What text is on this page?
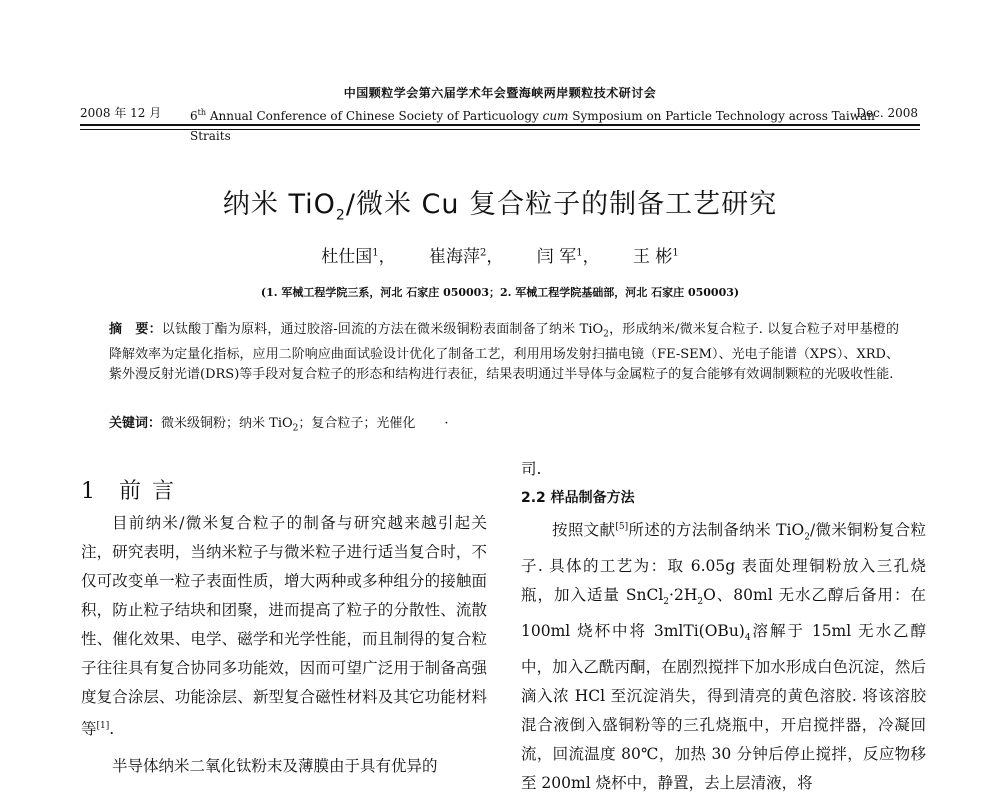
中国颗粒学会第六届学术年会暨海峡两岸颗粒技术研讨会
2008 年 12 月 6th Annual Conference of Chinese Society of Particuology cum Symposium on Particle Technology across Taiwan Straits
Dec. 2008
纳米 TiO$_2$/微米 Cu 复合粒子的制备工艺研究
杜仕国$^1$， 崔海萍$^2$， 闫 军$^1$， 王 彬$^1$
(1. 军械工程学院三系，河北 石家庄 050003；2. 军械工程学院基础部，河北 石家庄 050003)
摘　要：以钛酸丁酯为原料，通过胶溶-回流的方法在微米级铜粉表面制备了纳米 TiO$_2$，形成纳米/微米复合粒子. 以复合粒子对甲基橙的降解效率为定量化指标，应用二阶响应曲面试验设计优化了制备工艺，利用用场发射扫描电镜（FE-SEM）、光电子能谱（XPS）、XRD、紫外漫反射光谱(DRS)等手段对复合粒子的形态和结构进行表征，结果表明通过半导体与金属粒子的复合能够有效调制颗粒的光吸收性能.
关键词：微米级铜粉；纳米 TiO$_2$；复合粒子；光催化 ·
1 前 言

目前纳米/微米复合粒子的制备与研究越来越引起关注，研究表明，当纳米粒子与微米粒子进行适当复合时，不仅可改变单一粒子表面性质，增大两种或多种组分的接触面积，防止粒子结块和团聚，进而提高了粒子的分散性、流散性、催化效果、电学、磁学和光学性能，而且制得的复合粒子往往具有复合协同多功能效，因而可望广泛用于制备高强度复合涂层、功能涂层、新型复合磁性材料及其它功能材料等[1].

半导体纳米二氧化钛粉末及薄膜由于具有优异的

司.

2.2 样品制备方法

按照文献[5]所述的方法制备纳米 TiO$_2$/微米铜粉复合粒子. 具体的工艺为：取 6.05g 表面处理铜粉放入三孔烧瓶，加入适量 $SnCl_2\cdot 2H_2O$、80ml 无水乙醇后备用：在 100ml 烧杯中将 $3mlTi(OBu)_4$溶解于 15ml 无水乙醇中，加入乙酰丙酮，在剧烈搅拌下加水形成白色沉淀，然后滴入浓 HCl 至沉淀消失，得到清亮的黄色溶胶. 将该溶胶混合液倒入盛铜粉等的三孔烧瓶中，开启搅拌器，冷凝回流，回流温度 80℃，加热 30 分钟后停止搅拌，反应物移至 200ml 烧杯中，静置，去上层清液，将
